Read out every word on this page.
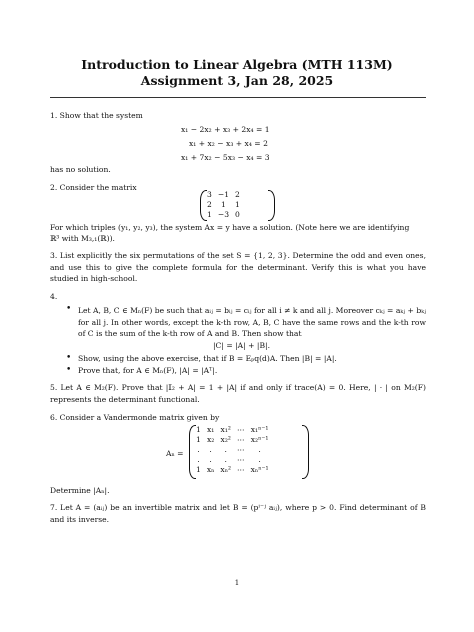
Introduction to Linear Algebra (MTH 113M)
Assignment 3, Jan 28, 2025
1. Show that the system
x₁ − 2x₂ + x₃ + 2x₄ = 1
x₁ + x₂ − x₃ + x₄ = 2
x₁ + 7x₂ − 5x₃ − x₄ = 3
has no solution.
2. Consider the matrix
3	−1	2
2	1	1
1	−3	0
For which triples (y₁, y₂, y₃), the system Ax = y have a solution. (Note here we are identifying
ℝ³ with M₃,₁(ℝ)).
3. List explicitly the six permutations of the set S = {1, 2, 3}. Determine the odd and even ones, and use this to give the complete formula for the determinant. Verify this is what you have studied in high-school.
4.
• Let A, B, C ∈ Mₙ(F) be such that aᵢⱼ = bᵢⱼ = cᵢⱼ for all i ≠ k and all j. Moreover cₖⱼ = aₖⱼ + bₖⱼ for all j. In other words, except the k-th row, A, B, C have the same rows and the k-th row of C is the sum of the k-th row of A and B. Then show that
|C| = |A| + |B|.
• Show, using the above exercise, that if B = Eₚq(d)A. Then |B| = |A|.
• Prove that, for A ∈ Mₙ(F), |A| = |Aᵀ|.
5. Let A ∈ M₂(F). Prove that |𝕀₂ + A| = 1 + |A| if and only if trace(A) = 0. Here, | · | on M₂(F) represents the determinant functional.
6. Consider a Vandermonde matrix given by
Aₙ =
1	x₁	x₁²	⋯	x₁ⁿ⁻¹
1	x₂	x₂²	⋯	x₂ⁿ⁻¹
.	.	.	⋯	.
.	.	.	⋯	.
1	xₙ	xₙ²	⋯	xₙⁿ⁻¹
Determine |Aₙ|.
7. Let A = (aᵢⱼ) be an invertible matrix and let B = (pⁱ⁻ʲ aᵢⱼ), where p > 0. Find determinant of B and its inverse.
1
